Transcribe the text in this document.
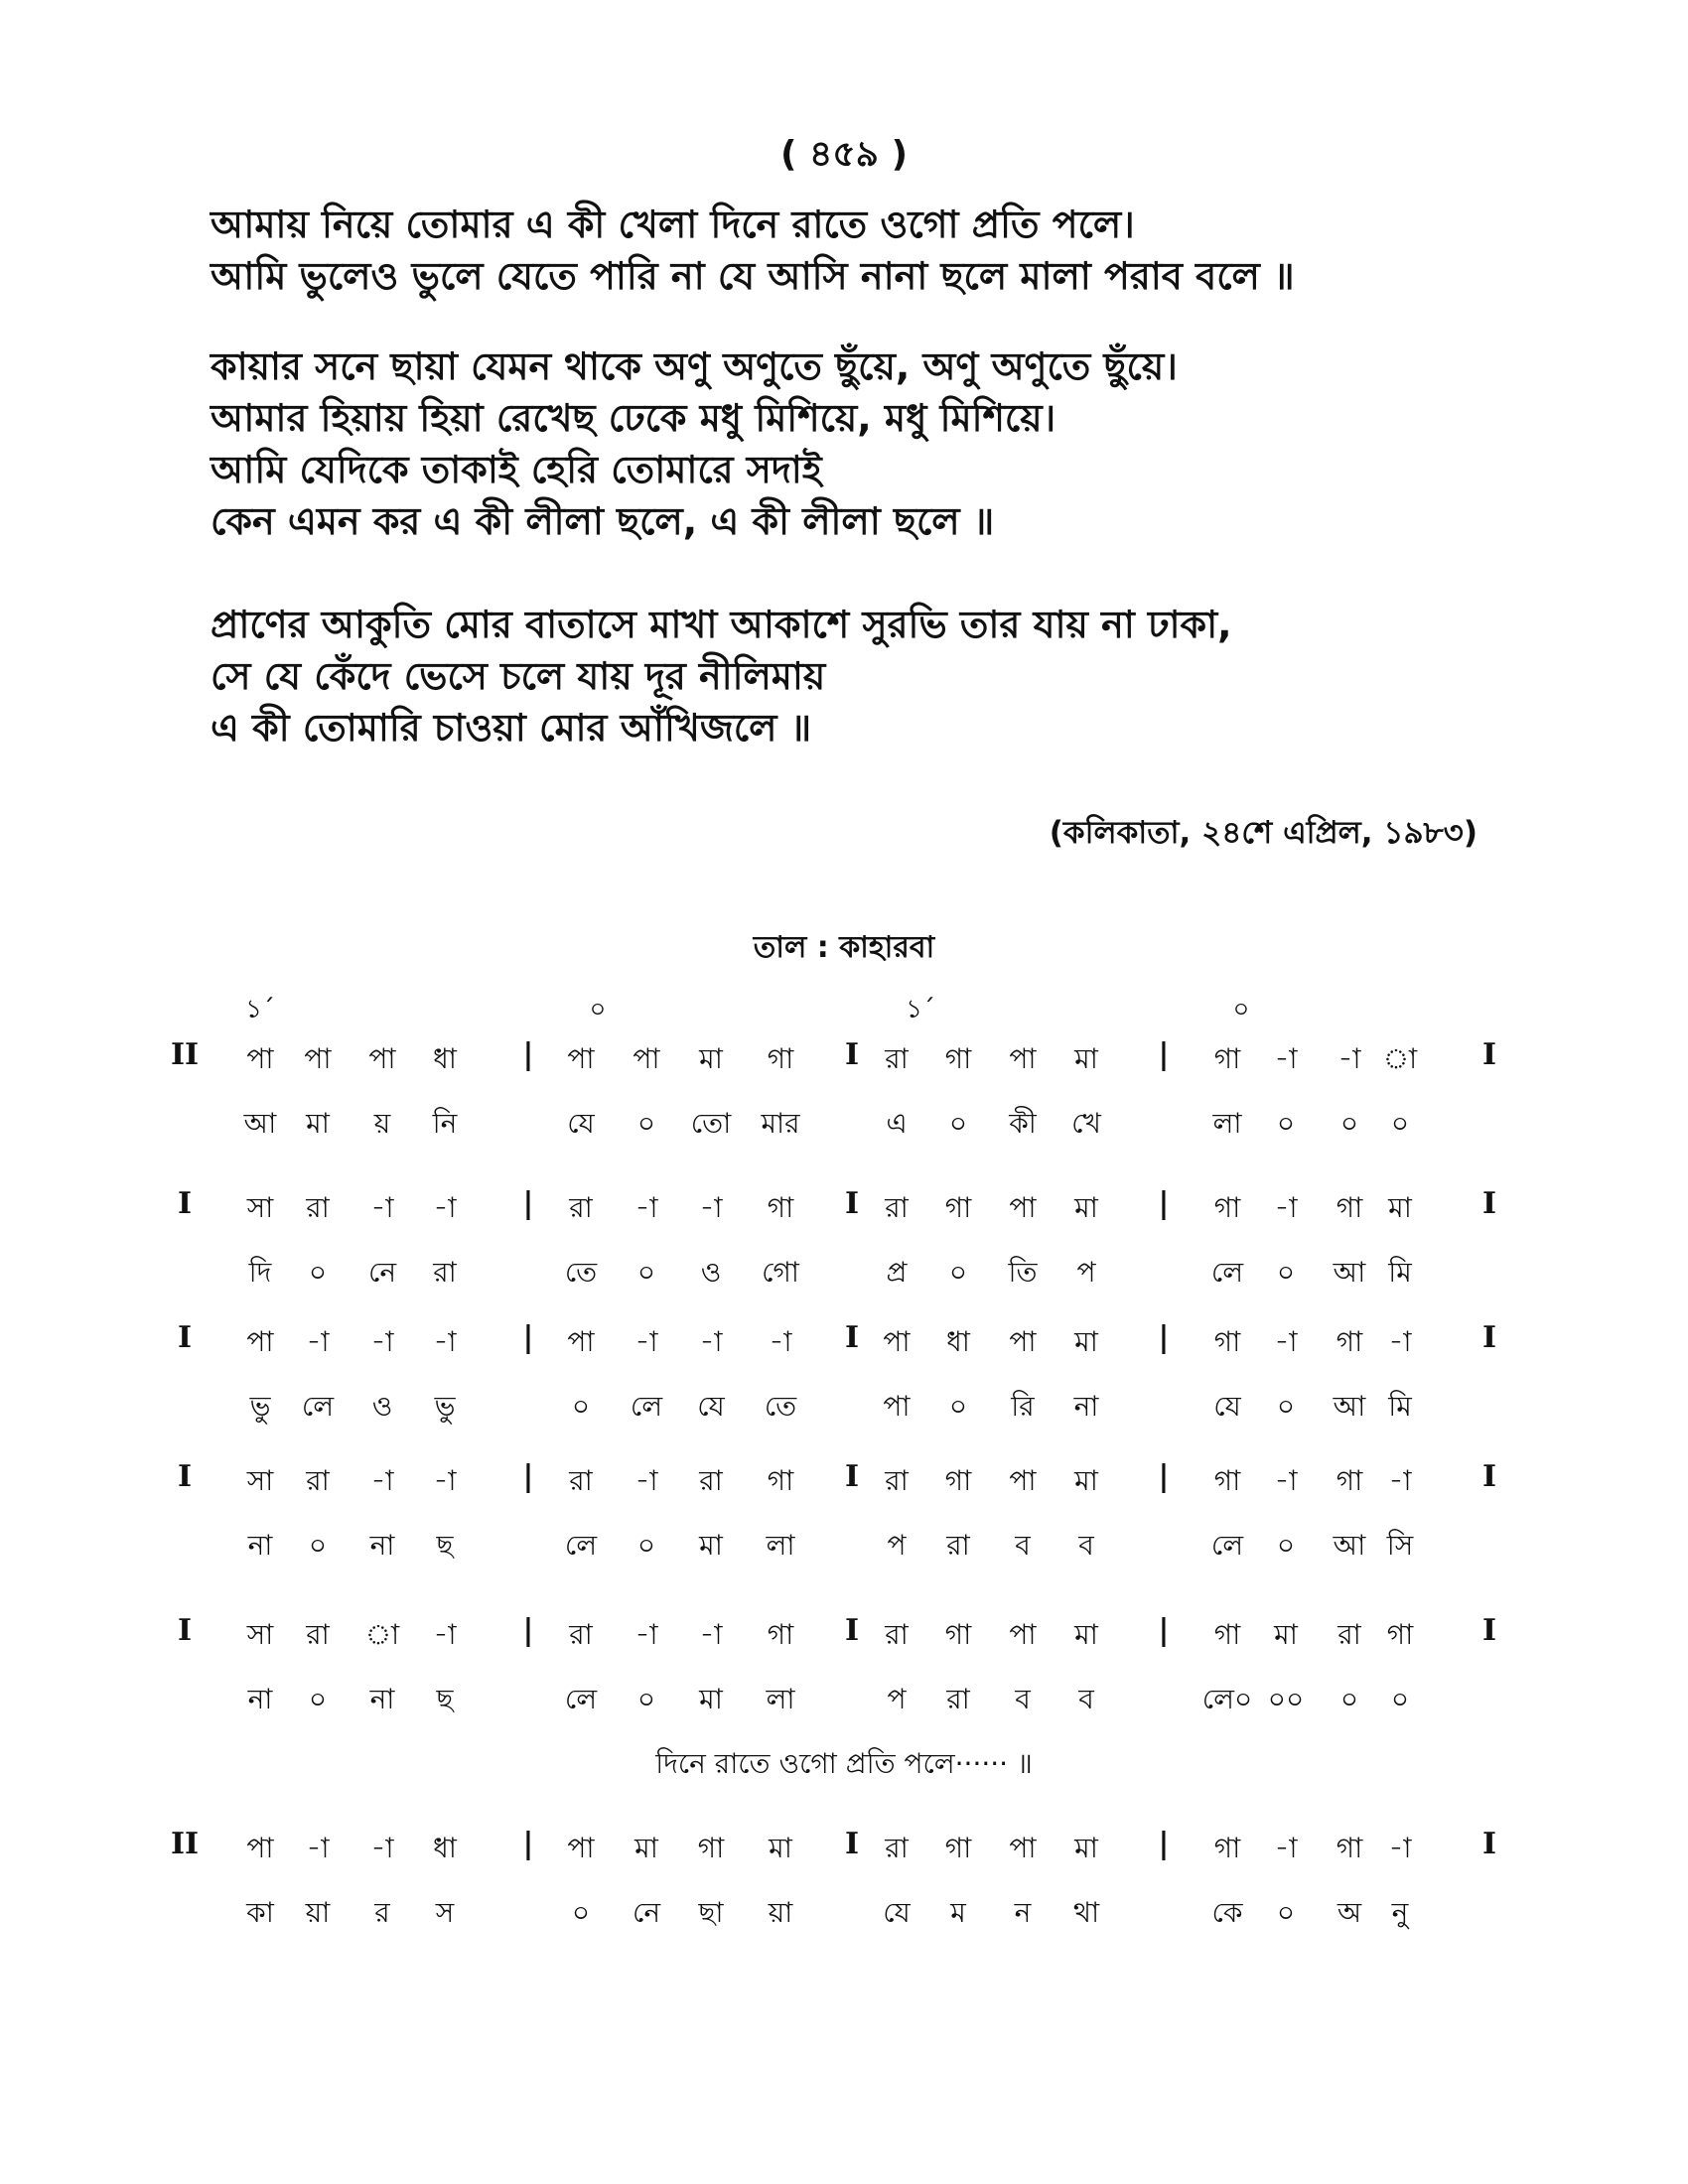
( ৪৫৯ )
আমায় নিয়ে তোমার এ কী খেলা দিনে রাতে ওগো প্রতি পলে।
আমি ভুলেও ভুলে যেতে পারি না যে আসি নানা ছলে মালা পরাব বলে ॥
কায়ার সনে ছায়া যেমন থাকে অণু অণুতে ছুঁয়ে, অণু অণুতে ছুঁয়ে।
আমার হিয়ায় হিয়া রেখেছ ঢেকে মধু মিশিয়ে, মধু মিশিয়ে।
আমি যেদিকে তাকাই হেরি তোমারে সদাই
কেন এমন কর এ কী লীলা ছলে, এ কী লীলা ছলে ॥
প্রাণের আকুতি মোর বাতাসে মাখা আকাশে সুরভি তার যায় না ঢাকা,
সে যে কেঁদে ভেসে চলে যায় দূর নীলিমায়
এ কী তোমারি চাওয়া মোর আঁখিজলে ॥
(কলিকাতা, ২৪শে এপ্রিল, ১৯৮৩)
তাল : কাহারবা
১´	০	১´	০
II পা পা পা ধা | পা পা মা গা I রা গা পা মা | গা -া -া া I
আ মা য় নি	যে ০ তো মার	এ ০ কী খে	লা ০ ০ ০
I সা রা -া -া | রা -া -া গা I রা গা পা মা | গা -া গা মা I
দি ০ নে রা	তে ০ ও গো	প্র ০ তি প	লে ০ আ মি
I পা -া -া -া | পা -া -া -া I পা ধা পা মা | গা -া গা -া I
ভু লে ও ভু	০ লে যে তে	পা ০ রি না	যে ০ আ মি
I সা রা -া -া | রা -া রা গা I রা গা পা মা | গা -া গা -া I
না ০ না ছ	লে ০ মা লা	প রা ব ব	লে ০ আ সি
I সা রা া -া | রা -া -া গা I রা গা পা মা | গা মা রা গা I
না ০ না ছ	লে ০ মা লা	প রা ব ব	লে০ ০০ ০ ০
II পা -া -া ধা | পা মা গা মা I রা গা পা মা | গা -া গা -া I
কা য়া র স	০ নে ছা য়া	যে ম ন থা	কে ০ অ নু
দিনে রাতে ওগো প্রতি পলে······ ॥
